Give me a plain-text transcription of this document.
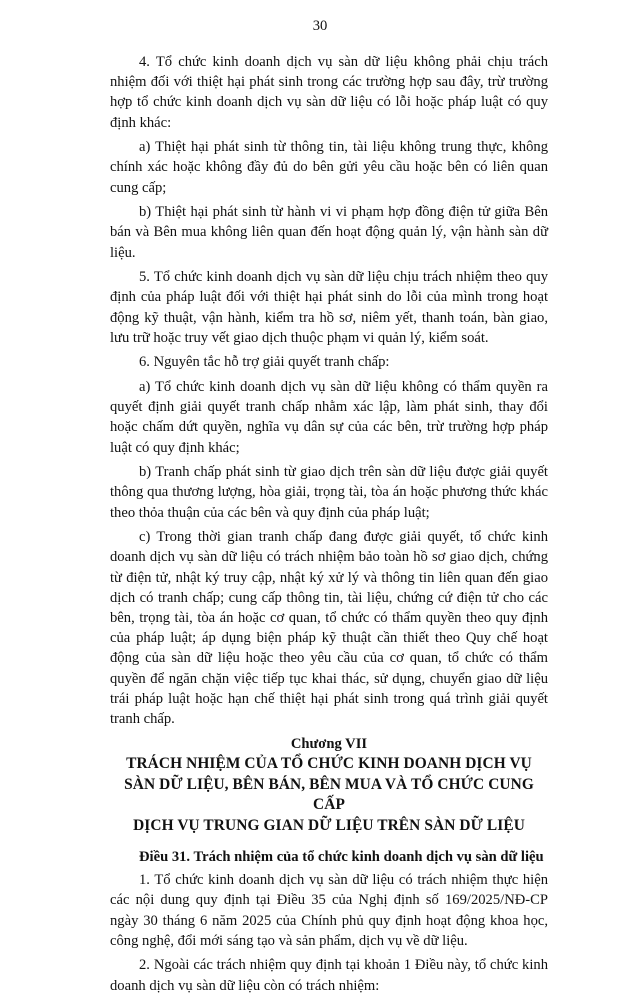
30

4. Tổ chức kinh doanh dịch vụ sàn dữ liệu không phải chịu trách nhiệm đối với thiệt hại phát sinh trong các trường hợp sau đây, trừ trường hợp tổ chức kinh doanh dịch vụ sàn dữ liệu có lỗi hoặc pháp luật có quy định khác:

a) Thiệt hại phát sinh từ thông tin, tài liệu không trung thực, không chính xác hoặc không đầy đủ do bên gửi yêu cầu hoặc bên có liên quan cung cấp;

b) Thiệt hại phát sinh từ hành vi vi phạm hợp đồng điện tử giữa Bên bán và Bên mua không liên quan đến hoạt động quản lý, vận hành sàn dữ liệu.

5. Tổ chức kinh doanh dịch vụ sàn dữ liệu chịu trách nhiệm theo quy định của pháp luật đối với thiệt hại phát sinh do lỗi của mình trong hoạt động kỹ thuật, vận hành, kiểm tra hồ sơ, niêm yết, thanh toán, bàn giao, lưu trữ hoặc truy vết giao dịch thuộc phạm vi quản lý, kiểm soát.

6. Nguyên tắc hỗ trợ giải quyết tranh chấp:

a) Tổ chức kinh doanh dịch vụ sàn dữ liệu không có thẩm quyền ra quyết định giải quyết tranh chấp nhằm xác lập, làm phát sinh, thay đổi hoặc chấm dứt quyền, nghĩa vụ dân sự của các bên, trừ trường hợp pháp luật có quy định khác;

b) Tranh chấp phát sinh từ giao dịch trên sàn dữ liệu được giải quyết thông qua thương lượng, hòa giải, trọng tài, tòa án hoặc phương thức khác theo thỏa thuận của các bên và quy định của pháp luật;

c) Trong thời gian tranh chấp đang được giải quyết, tổ chức kinh doanh dịch vụ sàn dữ liệu có trách nhiệm bảo toàn hồ sơ giao dịch, chứng từ điện tử, nhật ký truy cập, nhật ký xử lý và thông tin liên quan đến giao dịch có tranh chấp; cung cấp thông tin, tài liệu, chứng cứ điện tử cho các bên, trọng tài, tòa án hoặc cơ quan, tổ chức có thẩm quyền theo quy định của pháp luật; áp dụng biện pháp kỹ thuật cần thiết theo Quy chế hoạt động của sàn dữ liệu hoặc theo yêu cầu của cơ quan, tổ chức có thẩm quyền để ngăn chặn việc tiếp tục khai thác, sử dụng, chuyển giao dữ liệu trái pháp luật hoặc hạn chế thiệt hại phát sinh trong quá trình giải quyết tranh chấp.

Chương VII
TRÁCH NHIỆM CỦA TỔ CHỨC KINH DOANH DỊCH VỤ
SÀN DỮ LIỆU, BÊN BÁN, BÊN MUA VÀ TỔ CHỨC CUNG CẤP
DỊCH VỤ TRUNG GIAN DỮ LIỆU TRÊN SÀN DỮ LIỆU

Điều 31. Trách nhiệm của tổ chức kinh doanh dịch vụ sàn dữ liệu

1. Tổ chức kinh doanh dịch vụ sàn dữ liệu có trách nhiệm thực hiện các nội dung quy định tại Điều 35 của Nghị định số 169/2025/NĐ-CP ngày 30 tháng 6 năm 2025 của Chính phủ quy định hoạt động khoa học, công nghệ, đổi mới sáng tạo và sản phẩm, dịch vụ về dữ liệu.

2. Ngoài các trách nhiệm quy định tại khoản 1 Điều này, tổ chức kinh doanh dịch vụ sàn dữ liệu còn có trách nhiệm:
